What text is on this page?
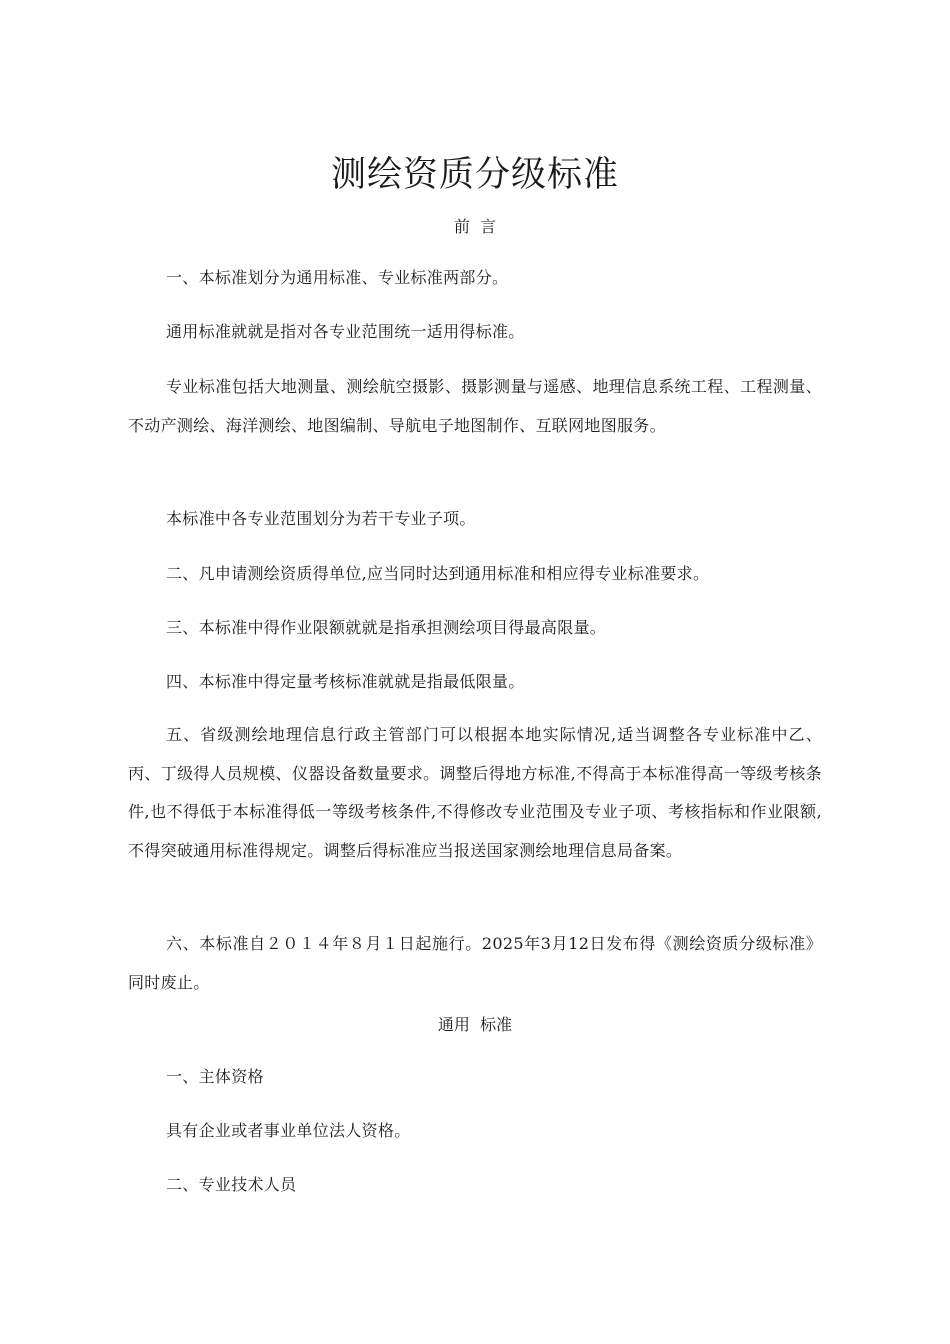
测绘资质分级标准

前  言

一、本标准划分为通用标准、专业标准两部分。

通用标准就就是指对各专业范围统一适用得标准。

专业标准包括大地测量、测绘航空摄影、摄影测量与遥感、地理信息系统工程、工程测量、不动产测绘、海洋测绘、地图编制、导航电子地图制作、互联网地图服务。

本标准中各专业范围划分为若干专业子项。

二、凡申请测绘资质得单位,应当同时达到通用标准和相应得专业标准要求。

三、本标准中得作业限额就就是指承担测绘项目得最高限量。

四、本标准中得定量考核标准就就是指最低限量。

五、省级测绘地理信息行政主管部门可以根据本地实际情况,适当调整各专业标准中乙、丙、丁级得人员规模、仪器设备数量要求。调整后得地方标准,不得高于本标准得高一等级考核条件,也不得低于本标准得低一等级考核条件,不得修改专业范围及专业子项、考核指标和作业限额,不得突破通用标准得规定。调整后得标准应当报送国家测绘地理信息局备案。

六、本标准自２０１４年８月１日起施行。2025年3月12日发布得《测绘资质分级标准》同时废止。

通用  标准

一、主体资格

具有企业或者事业单位法人资格。

二、专业技术人员
